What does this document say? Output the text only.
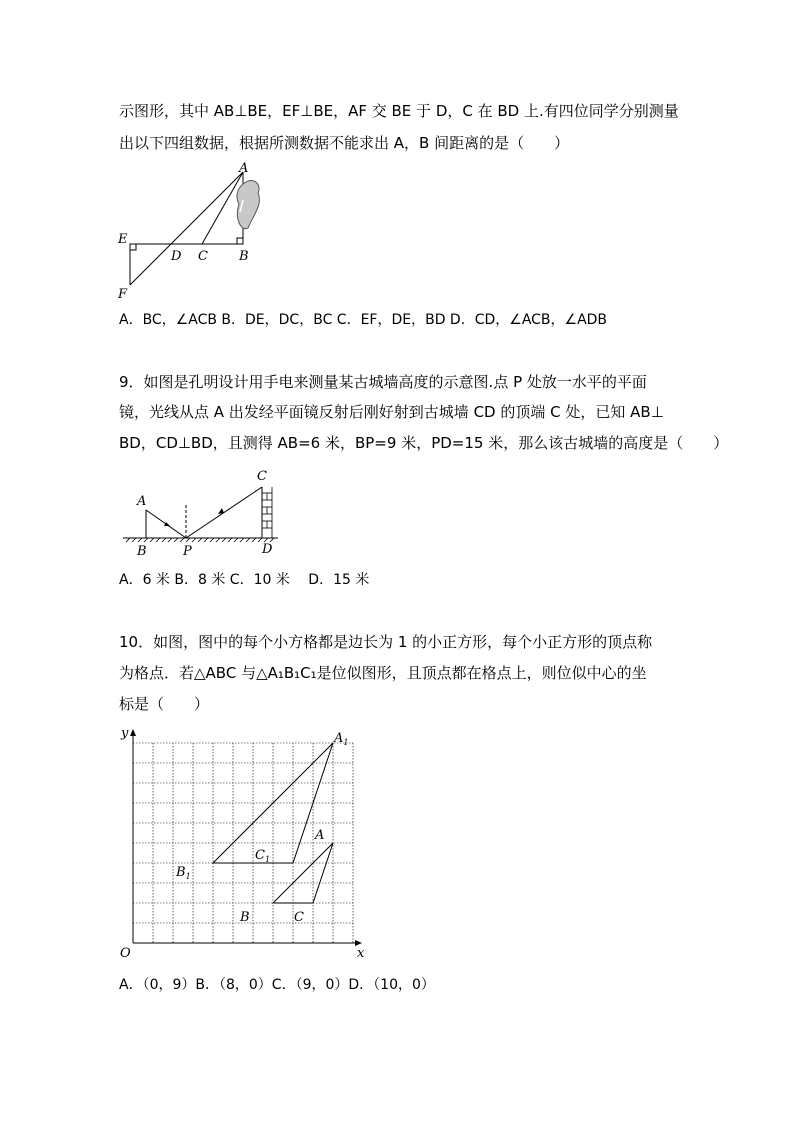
示图形，其中 AB⊥BE，EF⊥BE，AF 交 BE 于 D，C 在 BD 上.有四位同学分别测量
出以下四组数据，根据所测数据不能求出 A，B 间距离的是（　　）
A
E
D C B
F
A．BC，∠ACB B．DE，DC，BC C．EF，DE，BD D．CD，∠ACB，∠ADB
9．如图是孔明设计用手电来测量某古城墙高度的示意图.点 P 处放一水平的平面
镜，光线从点 A 出发经平面镜反射后刚好射到古城墙 CD 的顶端 C 处，已知 AB⊥
BD，CD⊥BD，且测得 AB=6 米，BP=9 米，PD=15 米，那么该古城墙的高度是（　　）
A
B	P
C
D
A．6 米 B．8 米 C．10 米　 D．15 米
10．如图，图中的每个小方格都是边长为 1 的小正方形，每个小正方形的顶点称
为格点．若△ABC 与△A₁B₁C₁是位似图形，且顶点都在格点上，则位似中心的坐
标是（　　）
y
x
O
$A_1$
$B_1$
$C_1$
A
B	C
A．（0，9）B．（8，0）C．（9，0）D．（10，0）
